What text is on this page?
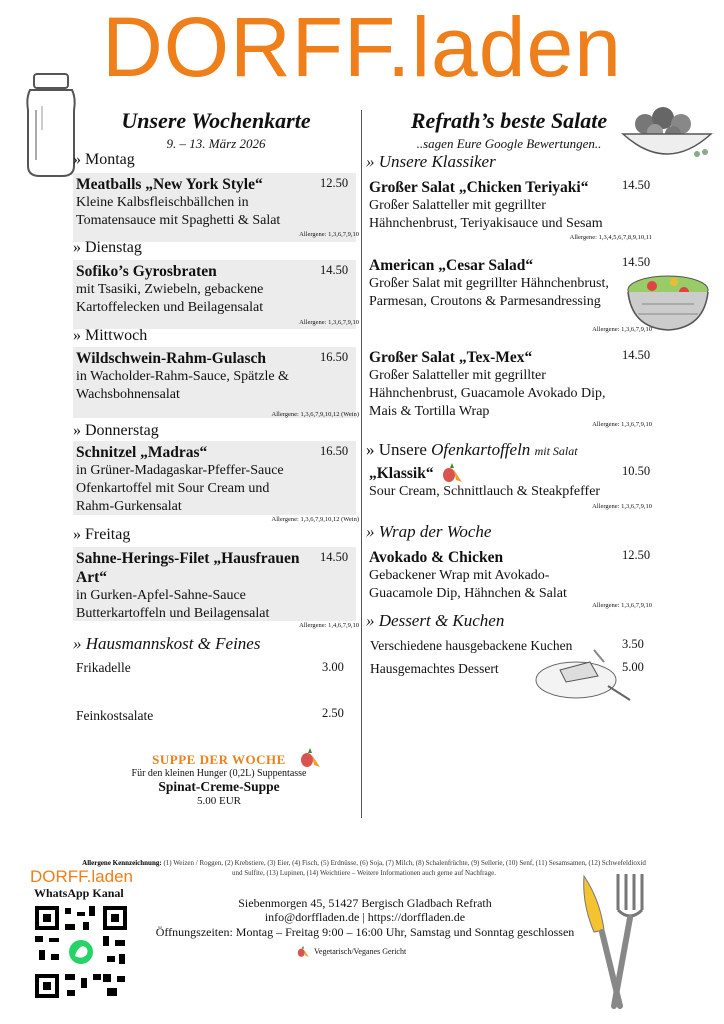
DORFF.laden
Unsere Wochenkarte
9. – 13. März 2026
» Montag
Meatballs „New York Style“
Kleine Kalbsfleischbällchen in Tomatensauce mit Spaghetti & Salat
12.50
Allergene: 1,3,6,7,9,10
» Dienstag
Sofiko’s Gyrosbraten
mit Tsasiki, Zwiebeln, gebackene Kartoffelecken und Beilagensalat
14.50
Allergene: 1,3,6,7,9,10
» Mittwoch
Wildschwein-Rahm-Gulasch
in Wacholder-Rahm-Sauce, Spätzle & Wachsbohnensalat
16.50
Allergene: 1,3,6,7,9,10,12 (Wein)
» Donnerstag
Schnitzel „Madras“
in Grüner-Madagaskar-Pfeffer-Sauce Ofenkartoffel mit Sour Cream und Rahm-Gurkensalat
16.50
Allergene: 1,3,6,7,9,10,12 (Wein)
» Freitag
Sahne-Herings-Filet „Hausfrauen Art“
in Gurken-Apfel-Sahne-Sauce Butterkartoffeln und Beilagensalat
14.50
Allergene: 1,4,6,7,9,10
» Hausmannskost & Feines
Frikadelle	3.00
Feinkostsalate	2.50
SUPPE DER WOCHE
Für den kleinen Hunger (0,2L) Suppentasse
Spinat-Creme-Suppe
5.00 EUR
Refrath’s beste Salate
..sagen Eure Google Bewertungen..
» Unsere Klassiker
Großer Salat „Chicken Teriyaki“
Großer Salatteller mit gegrillter Hähnchenbrust, Teriyakisauce und Sesam
14.50
Allergene: 1,3,4,5,6,7,8,9,10,11
American „Cesar Salad“
Großer Salat mit gegrillter Hähnchenbrust, Parmesan, Croutons & Parmesandressing
14.50
Allergene: 1,3,6,7,9,10
Großer Salat „Tex-Mex“
Großer Salatteller mit gegrillter Hähnchenbrust, Guacamole Avokado Dip, Mais & Tortilla Wrap
14.50
Allergene: 1,3,6,7,9,10
» Unsere Ofenkartoffeln mit Salat
„Klassik“
Sour Cream, Schnittlauch & Steakpfeffer
10.50
Allergene: 1,3,6,7,9,10
» Wrap der Woche
Avokado & Chicken
Gebackener Wrap mit Avokado-Guacamole Dip, Hähnchen & Salat
12.50
Allergene: 1,3,6,7,9,10
» Dessert & Kuchen
Verschiedene hausgebackene Kuchen	3.50
Hausgemachtes Dessert	5.00
Allergene Kennzeichnung: (1) Weizen / Roggen, (2) Krebstiere, (3) Eier, (4) Fisch, (5) Erdnüsse, (6) Soja, (7) Milch, (8) Schalenfrüchte, (9) Sellerie, (10) Senf, (11) Sesamsamen, (12) Schwefeldioxid und Sulfite, (13) Lupinen, (14) Weichtiere – Weitere Informationen auch gerne auf Nachfrage.
DORFF.laden
WhatsApp Kanal
Siebenmorgen 45, 51427 Bergisch Gladbach Refrath
info@dorffladen.de | https://dorffladen.de
Öffnungszeiten: Montag – Freitag 9:00 – 16:00 Uhr, Samstag und Sonntag geschlossen
Vegetarisch/Veganes Gericht
